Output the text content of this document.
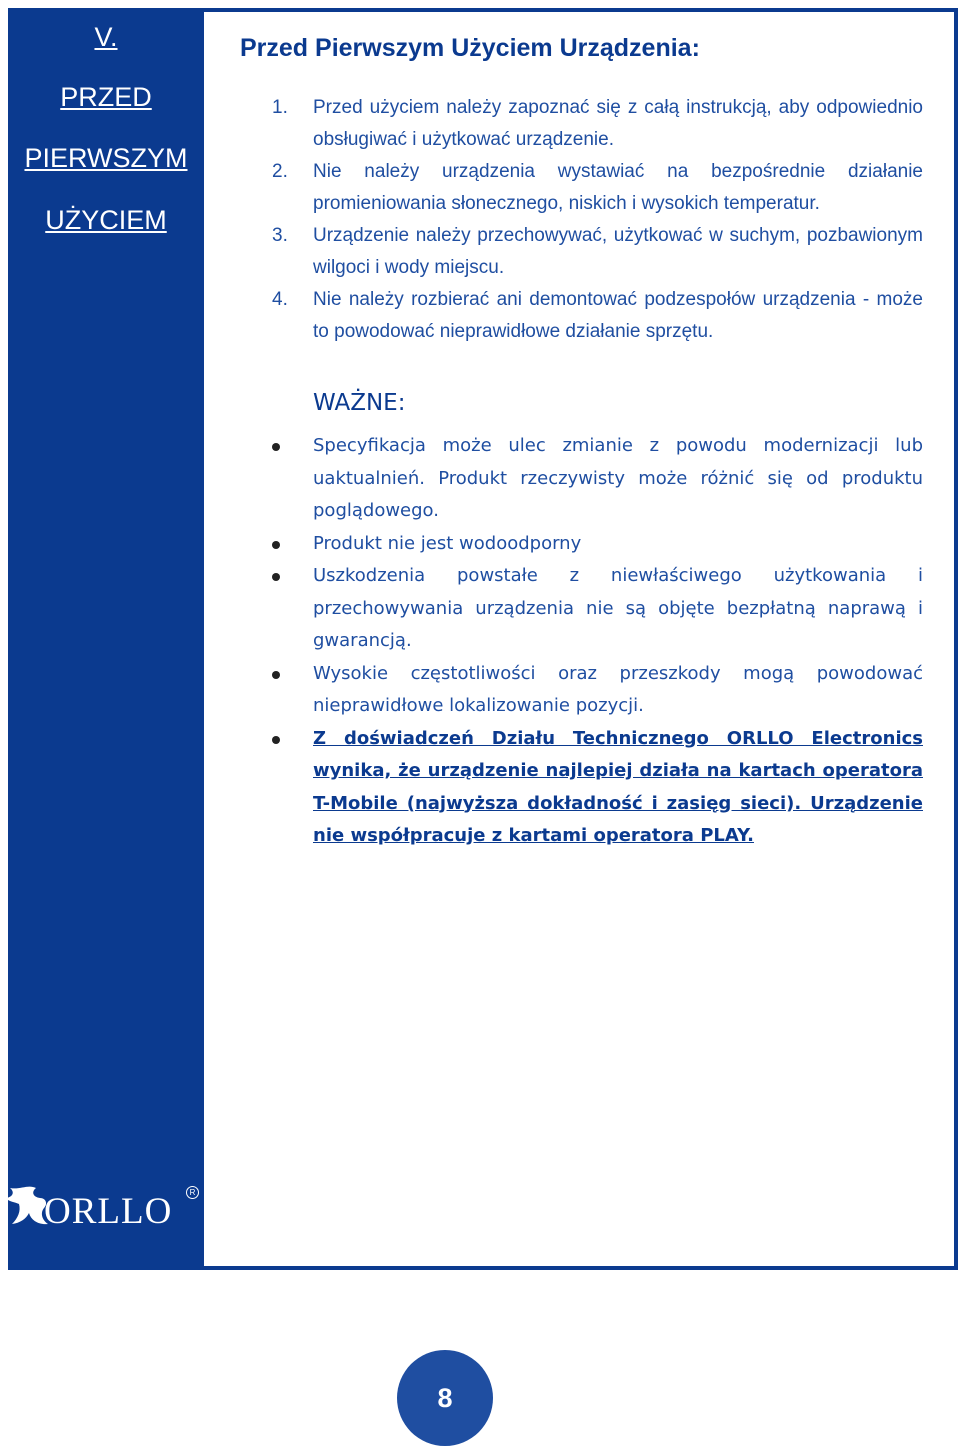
V.
PRZED
PIERWSZYM
UŻYCIEM
ORLLO	R
Przed Pierwszym Użyciem Urządzenia:
1. Przed użyciem należy zapoznać się z całą instrukcją, aby odpowiednio obsługiwać i użytkować urządzenie.
2. Nie należy urządzenia wystawiać na bezpośrednie działanie promieniowania słonecznego, niskich i wysokich temperatur.
3. Urządzenie należy przechowywać, użytkować w suchym, pozbawionym wilgoci i wody miejscu.
4. Nie należy rozbierać ani demontować podzespołów urządzenia - może to powodować nieprawidłowe działanie sprzętu.
WAŻNE:
Specyfikacja może ulec zmianie z powodu modernizacji lub uaktualnień. Produkt rzeczywisty może różnić się od produktu poglądowego.
Produkt nie jest wodoodporny
Uszkodzenia powstałe z niewłaściwego użytkowania i przechowywania urządzenia nie są objęte bezpłatną naprawą i gwarancją.
Wysokie częstotliwości oraz przeszkody mogą powodować nieprawidłowe lokalizowanie pozycji.
Z doświadczeń Działu Technicznego ORLLO Electronics wynika, że urządzenie najlepiej działa na kartach operatora T-Mobile (najwyższa dokładność i zasięg sieci). Urządzenie nie współpracuje z kartami operatora PLAY.
8
